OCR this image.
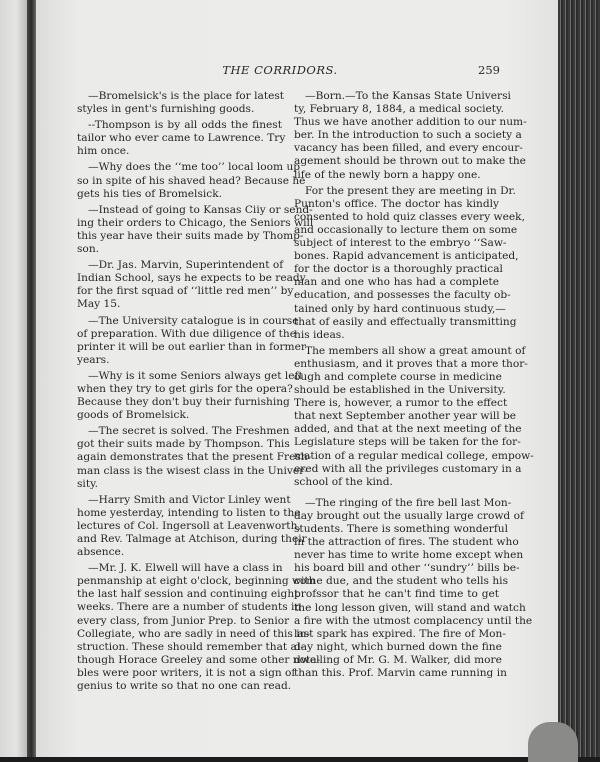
THE CORRIDORS.	259
—Bromelsick's is the place for latest
styles in gent's furnishing goods.
--Thompson is by all odds the finest
tailor who ever came to Lawrence. Try
him once.
—Why does the ‘‘me too’’ local loom up
so in spite of his shaved head? Because he
gets his ties of Bromelsick.
—Instead of going to Kansas Ciiy or send-
ing their orders to Chicago, the Seniors will
this year have their suits made by Thomp-
son.
—Dr. Jas. Marvin, Superintendent of
Indian School, says he expects to be ready
for the first squad of ‘‘little red men’’ by
May 15.
—The University catalogue is in course
of preparation. With due diligence of the
printer it will be out earlier than in former
years.
—Why is it some Seniors always get left
when they try to get girls for the opera?
Because they don't buy their furnishing
goods of Bromelsick.
—The secret is solved. The Freshmen
got their suits made by Thompson. This
again demonstrates that the present Fresh-
man class is the wisest class in the Univer-
sity.
—Harry Smith and Victor Linley went
home yesterday, intending to listen to the
lectures of Col. Ingersoll at Leavenworth,
and Rev. Talmage at Atchison, during their
absence.
—Mr. J. K. Elwell will have a class in
penmanship at eight o'clock, beginning with
the last half session and continuing eight
weeks. There are a number of students in
every class, from Junior Prep. to Senior
Collegiate, who are sadly in need of this in-
struction. These should remember that al-
though Horace Greeley and some other nota-
bles were poor writers, it is not a sign of
genius to write so that no one can read.
—Born.—To the Kansas State Universi
ty, February 8, 1884, a medical society.
Thus we have another addition to our num-
ber. In the introduction to such a society a
vacancy has been filled, and every encour-
agement should be thrown out to make the
life of the newly born a happy one.
For the present they are meeting in Dr.
Punton's office. The doctor has kindly
consented to hold quiz classes every week,
and occasionally to lecture them on some
subject of interest to the embryo ‘‘Saw-
bones. Rapid advancement is anticipated,
for the doctor is a thoroughly practical
man and one who has had a complete
education, and possesses the faculty ob-
tained only by hard continuous study,—
that of easily and effectually transmitting
his ideas.
The members all show a great amount of
enthusiasm, and it proves that a more thor-
ough and complete course in medicine
should be established in the University.
There is, however, a rumor to the effect
that next September another year will be
added, and that at the next meeting of the
Legislature steps will be taken for the for-
mation of a regular medical college, empow-
ered with all the privileges customary in a
school of the kind.
—The ringing of the fire bell last Mon-
day brought out the usually large crowd of
students. There is something wonderful
in the attraction of fires. The student who
never has time to write home except when
his board bill and other ‘‘sundry’’ bills be-
come due, and the student who tells his
profssor that he can't find time to get
the long lesson given, will stand and watch
a fire with the utmost complacency until the
last spark has expired. The fire of Mon-
day night, which burned down the fine
dwelling of Mr. G. M. Walker, did more
than this. Prof. Marvin came running in
